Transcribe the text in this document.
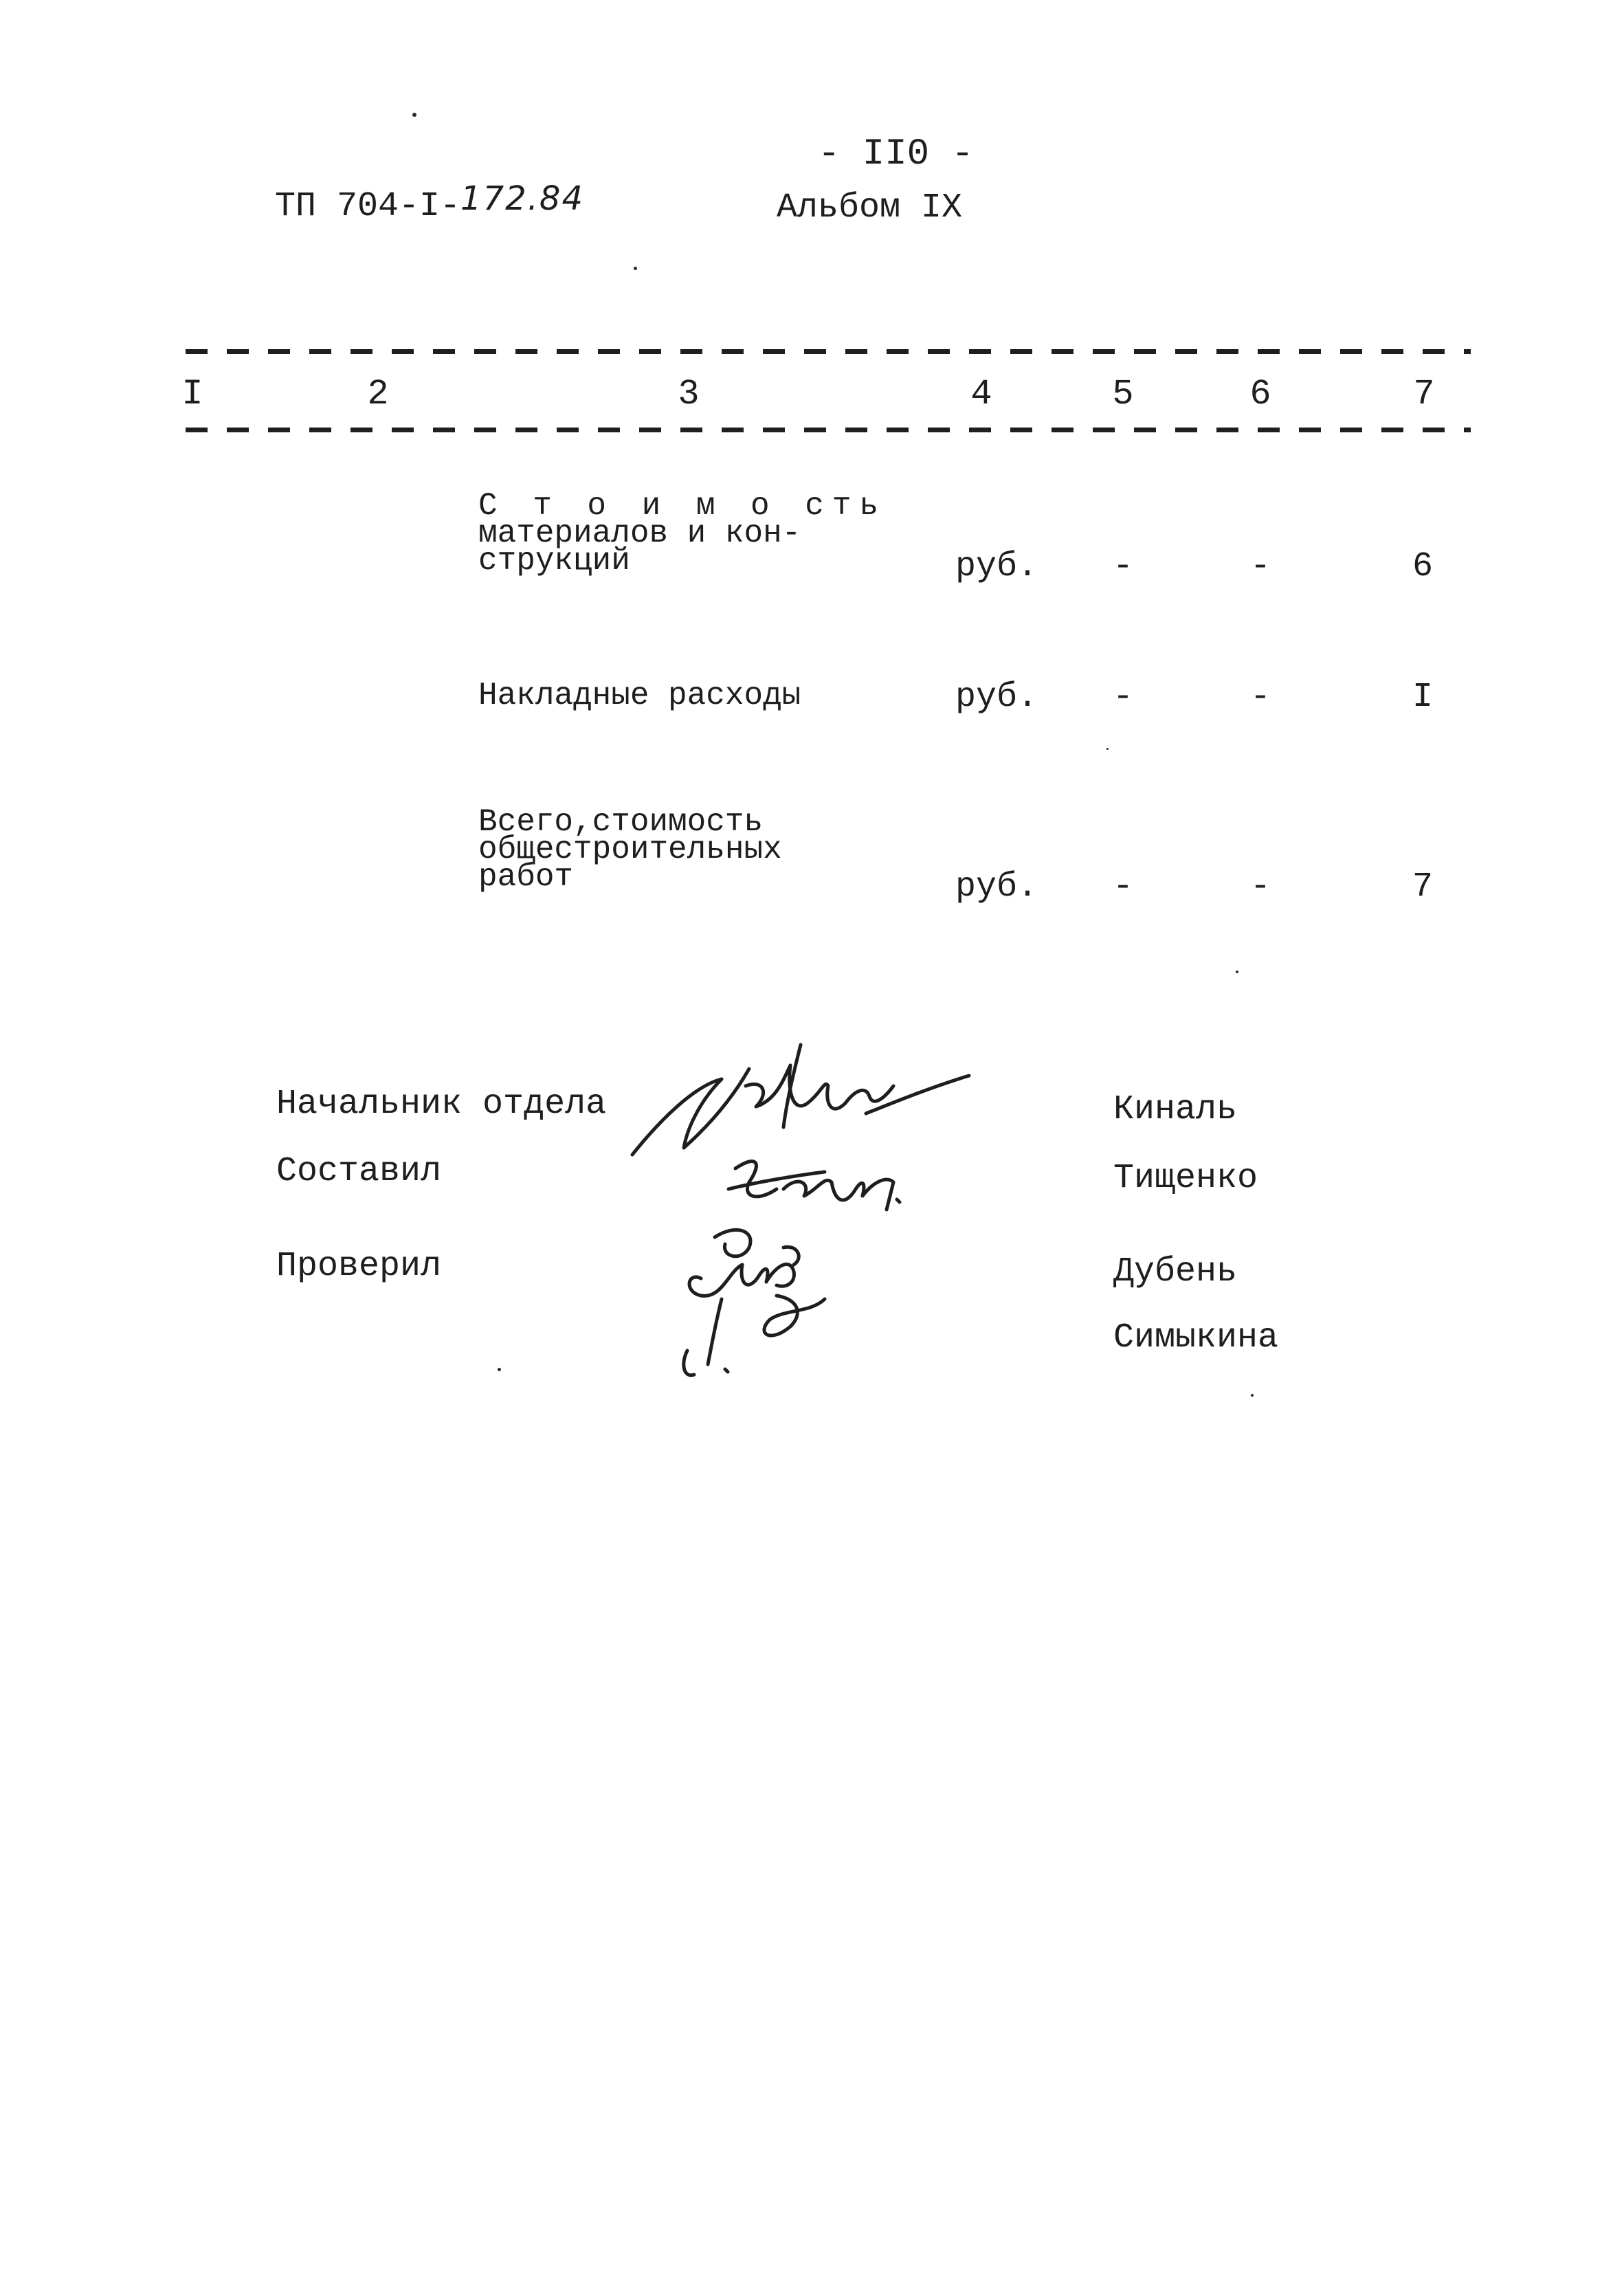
- II0 -
ТП 704-I-172.84	Альбом IX
I	2	3	4	5	6	7
С т о и м о сть
материалов и кон-
струкций	руб.	-	-	6
Накладные расходы	руб.	-	-	I
Всего,стоимость
общестроительных
работ	руб.	-	-	7
Начальник отдела
Составил
Проверил
Киналь
Тищенко
Дубень
Симыкина
